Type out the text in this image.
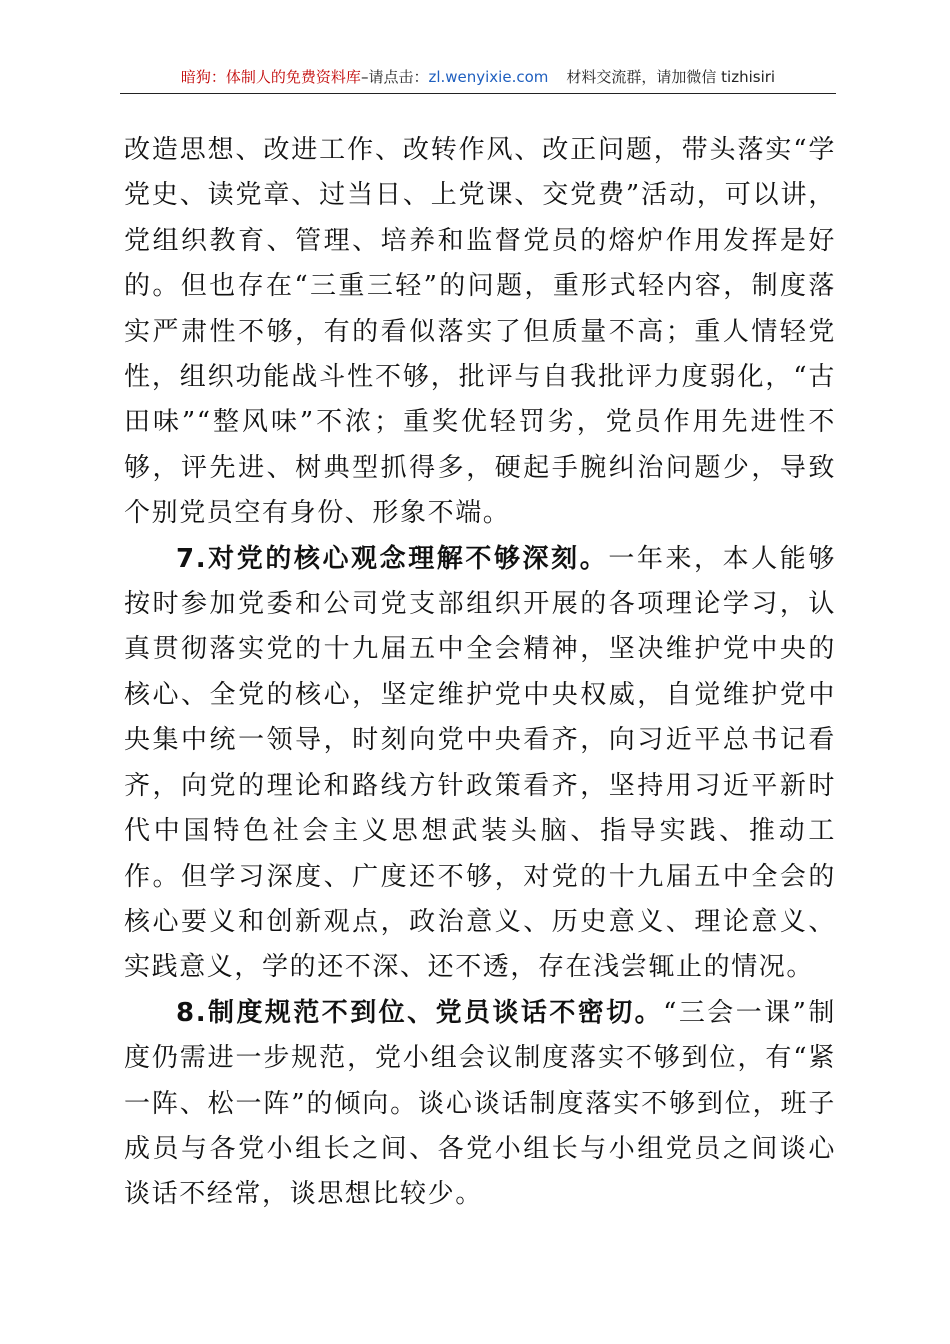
暗狗：体制人的免费资料库–请点击：zl.wenyixie.com 材料交流群，请加微信 tizhisiri

改造思想、改进工作、改转作风、改正问题，带头落实“学党史、读党章、过当日、上党课、交党费”活动，可以讲，党组织教育、管理、培养和监督党员的熔炉作用发挥是好的。但也存在“三重三轻”的问题，重形式轻内容，制度落实严肃性不够，有的看似落实了但质量不高；重人情轻党性，组织功能战斗性不够，批评与自我批评力度弱化，“古田味”“整风味”不浓；重奖优轻罚劣，党员作用先进性不够，评先进、树典型抓得多，硬起手腕纠治问题少，导致个别党员空有身份、形象不端。

7.对党的核心观念理解不够深刻。一年来，本人能够按时参加党委和公司党支部组织开展的各项理论学习，认真贯彻落实党的十九届五中全会精神，坚决维护党中央的核心、全党的核心，坚定维护党中央权威，自觉维护党中央集中统一领导，时刻向党中央看齐，向习近平总书记看齐，向党的理论和路线方针政策看齐，坚持用习近平新时代中国特色社会主义思想武装头脑、指导实践、推动工作。但学习深度、广度还不够，对党的十九届五中全会的核心要义和创新观点，政治意义、历史意义、理论意义、实践意义，学的还不深、还不透，存在浅尝辄止的情况。

8.制度规范不到位、党员谈话不密切。“三会一课”制度仍需进一步规范，党小组会议制度落实不够到位，有“紧一阵、松一阵”的倾向。谈心谈话制度落实不够到位，班子成员与各党小组长之间、各党小组长与小组党员之间谈心谈话不经常，谈思想比较少。
